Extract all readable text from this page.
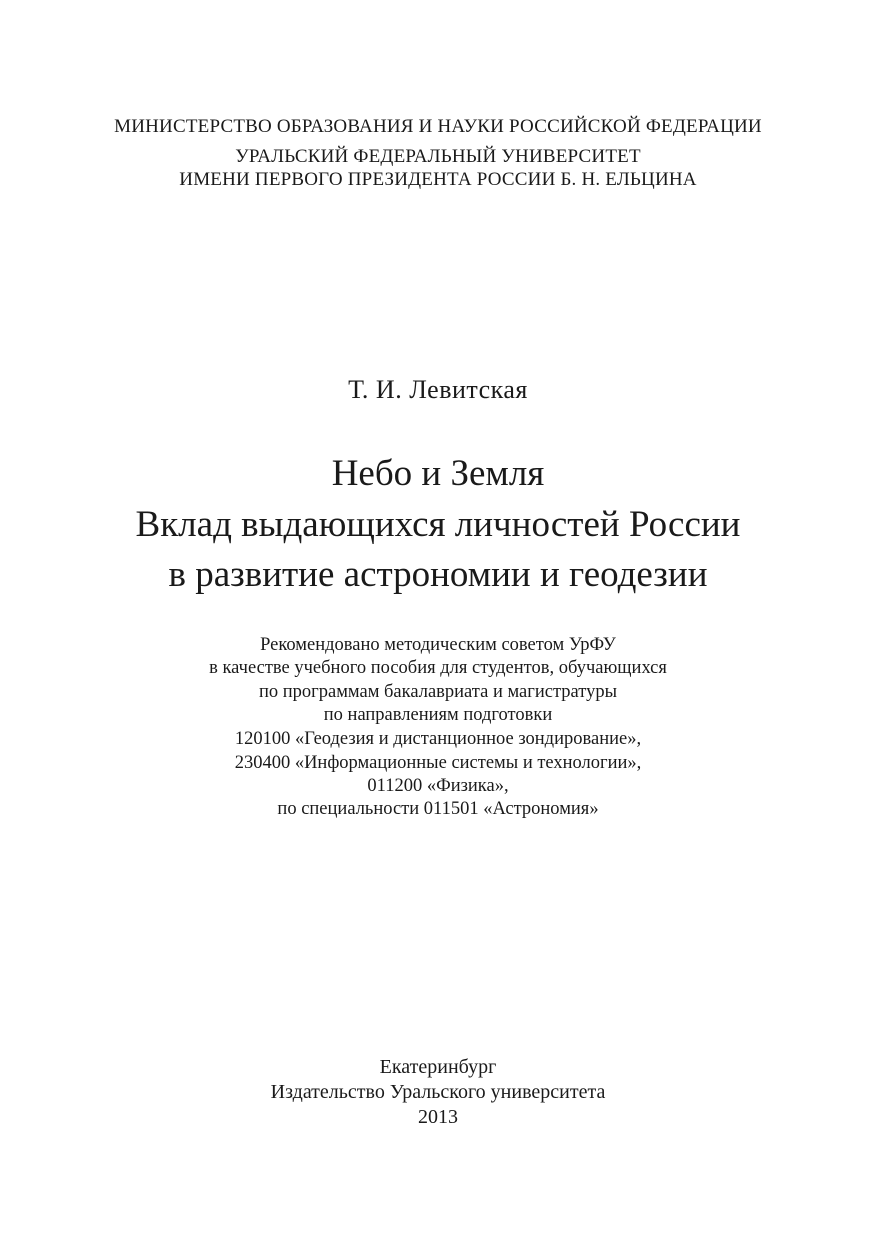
МИНИСТЕРСТВО ОБРАЗОВАНИЯ И НАУКИ РОССИЙСКОЙ ФЕДЕРАЦИИ
УРАЛЬСКИЙ ФЕДЕРАЛЬНЫЙ УНИВЕРСИТЕТ
ИМЕНИ ПЕРВОГО ПРЕЗИДЕНТА РОССИИ Б. Н. ЕЛЬЦИНА
Т. И. Левитская
Небо и Земля
Вклад выдающихся личностей России
в развитие астрономии и геодезии
Рекомендовано методическим советом УрФУ
в качестве учебного пособия для студентов, обучающихся
по программам бакалавриата и магистратуры
по направлениям подготовки
120100 «Геодезия и дистанционное зондирование»,
230400 «Информационные системы и технологии»,
011200 «Физика»,
по специальности 011501 «Астрономия»
Екатеринбург
Издательство Уральского университета
2013
